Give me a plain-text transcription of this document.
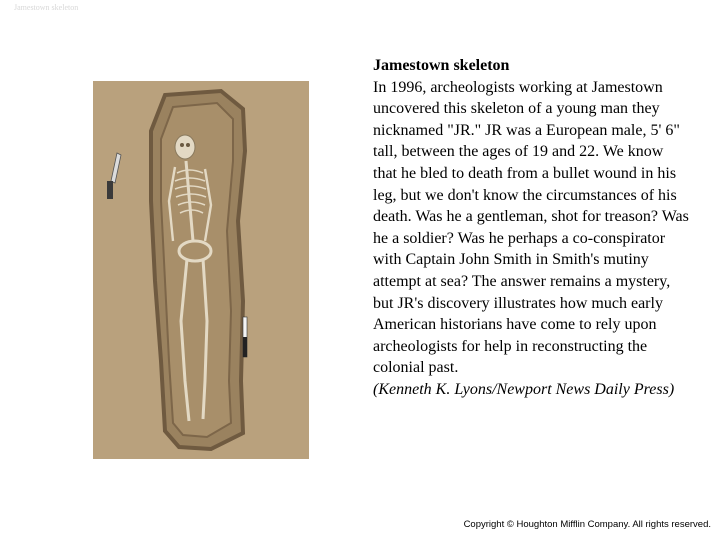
Jamestown skeleton
Jamestown skeleton
In 1996, archeologists working at Jamestown uncovered this skeleton of a young man they nicknamed "JR." JR was a European male, 5' 6" tall, between the ages of 19 and 22. We know that he bled to death from a bullet wound in his leg, but we don't know the circumstances of his death. Was he a gentleman, shot for treason? Was he a soldier? Was he perhaps a co-conspirator with Captain John Smith in Smith's mutiny attempt at sea? The answer remains a mystery, but JR's discovery illustrates how much early American historians have come to rely upon archeologists for help in reconstructing the colonial past.
(Kenneth K. Lyons/Newport News Daily Press)
Copyright © Houghton Mifflin Company. All rights reserved.
